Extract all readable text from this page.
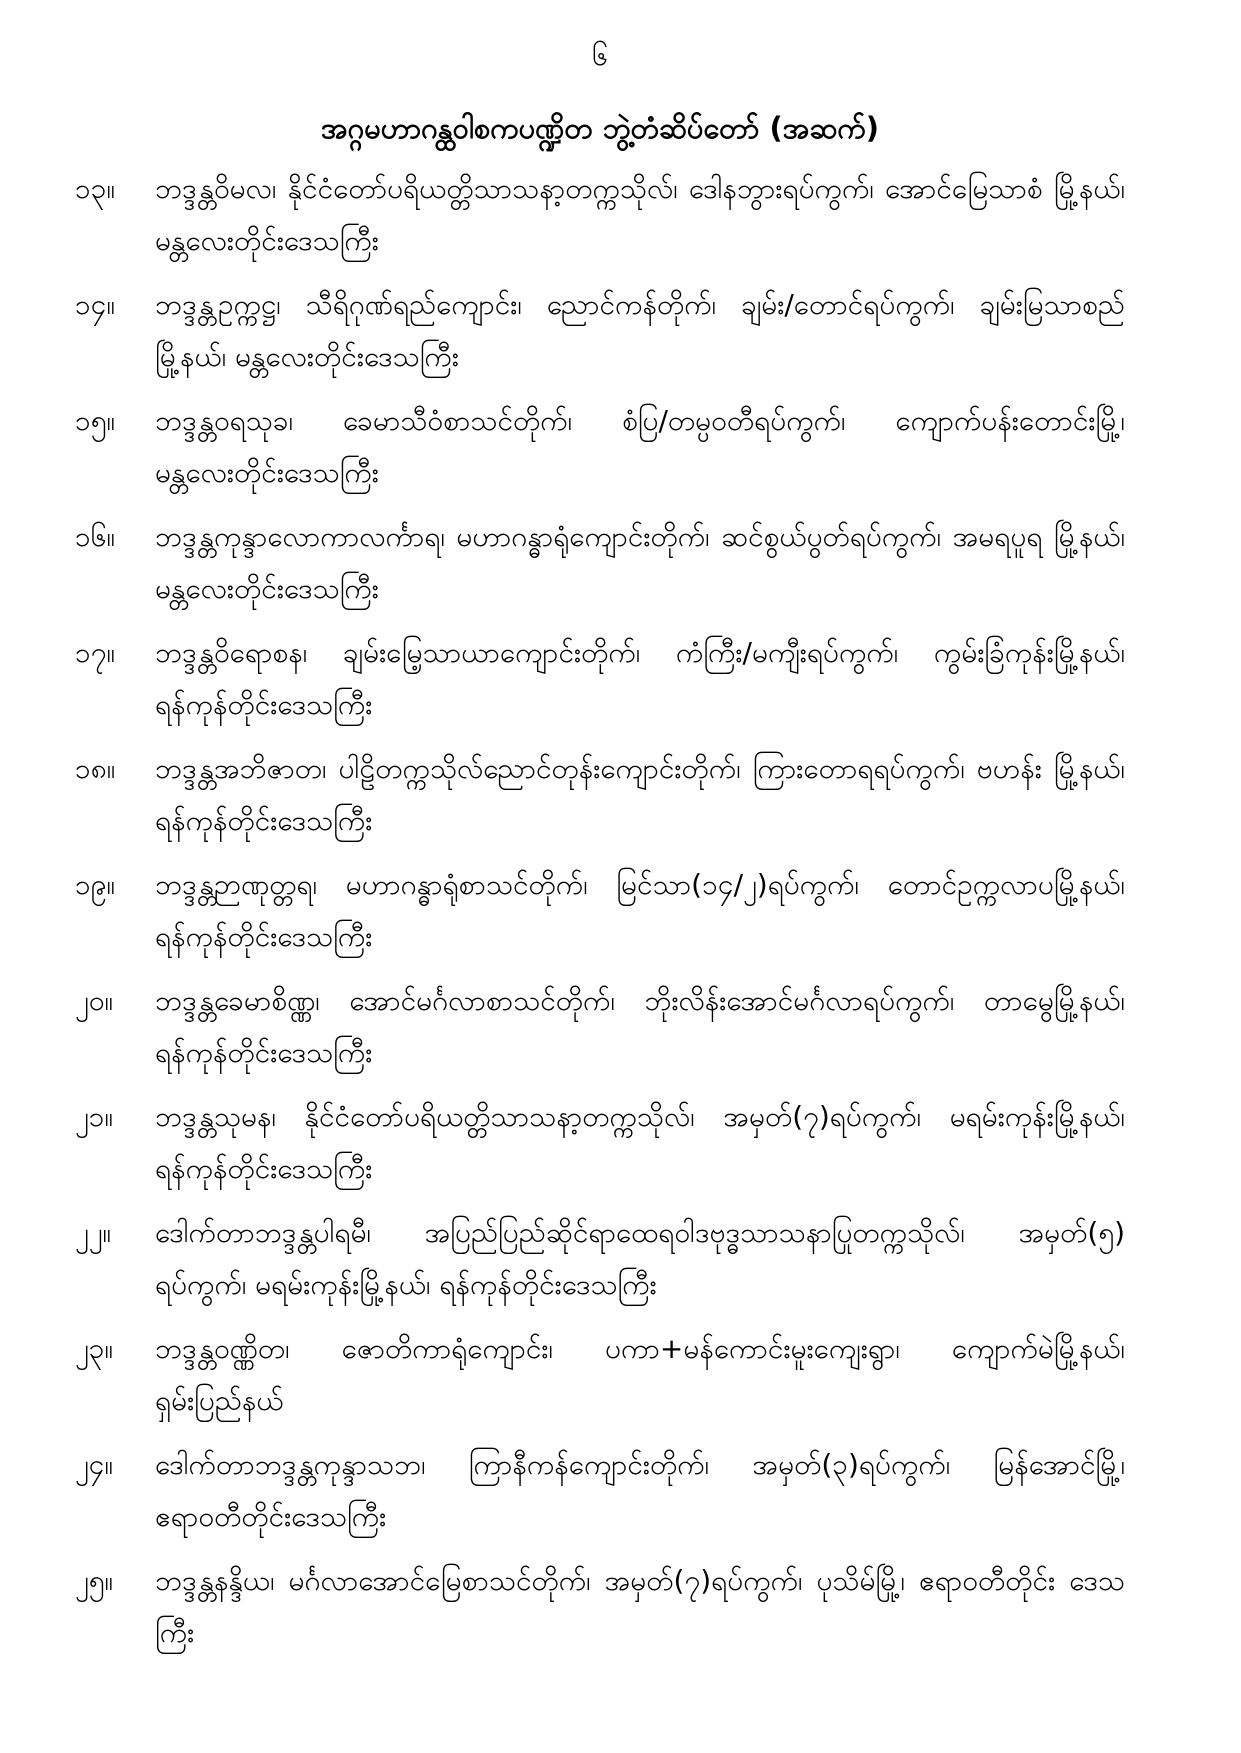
၆
အဂ္ဂမဟာဂန္ထဝါစကပဏ္ဍိတ ဘွဲ့တံဆိပ်တော် (အဆက်)
၁၃။	ဘဒ္ဒန္တဝိမလ၊ နိုင်ငံတော်ပရိယတ္တိသာသနာ့တက္ကသိုလ်၊ ဒေါနဘွားရပ်ကွက်၊ အောင်မြေသာစံ မြို့နယ်၊ မန္တလေးတိုင်းဒေသကြီး
၁၄။	ဘဒ္ဒန္တဥက္ကဋ္ဌ၊ သီရိဂုဏ်ရည်ကျောင်း၊ ညောင်ကန်တိုက်၊ ချမ်း/တောင်ရပ်ကွက်၊ ချမ်းမြသာစည် မြို့နယ်၊ မန္တလေးတိုင်းဒေသကြီး
၁၅။	ဘဒ္ဒန္တဝရသုခ၊ ခေမာသီဝံစာသင်တိုက်၊ စံပြ/တမ္ပဝတီရပ်ကွက်၊ ကျောက်ပန်းတောင်းမြို့၊ မန္တလေးတိုင်းဒေသကြီး
၁၆။	ဘဒ္ဒန္တကုန္ဒာလောကာလင်္ကာရ၊ မဟာဂန္ဓာရုံကျောင်းတိုက်၊ ဆင်စွယ်ပွတ်ရပ်ကွက်၊ အမရပူရ မြို့နယ်၊ မန္တလေးတိုင်းဒေသကြီး
၁၇။	ဘဒ္ဒန္တဝိရောစန၊ ချမ်းမြေ့သာယာကျောင်းတိုက်၊ ကံကြီး/မကျီးရပ်ကွက်၊ ကွမ်းခြံကုန်းမြို့နယ်၊ ရန်ကုန်တိုင်းဒေသကြီး
၁၈။	ဘဒ္ဒန္တအဘိဇာတ၊ ပါဠိတက္ကသိုလ်ညောင်တုန်းကျောင်းတိုက်၊ ကြားတောရရပ်ကွက်၊ ဗဟန်း မြို့နယ်၊ ရန်ကုန်တိုင်းဒေသကြီး
၁၉။	ဘဒ္ဒန္တဉာဏုတ္တရ၊ မဟာဂန္ဓာရုံစာသင်တိုက်၊ မြင်သာ(၁၄/၂)ရပ်ကွက်၊ တောင်ဥက္ကလာပမြို့နယ်၊ ရန်ကုန်တိုင်းဒေသကြီး
၂၀။	ဘဒ္ဒန္တခေမာစိဏ္ဏ၊ အောင်မင်္ဂလာစာသင်တိုက်၊ ဘိုးလိန်းအောင်မင်္ဂလာရပ်ကွက်၊ တာမွေမြို့နယ်၊ ရန်ကုန်တိုင်းဒေသကြီး
၂၁။	ဘဒ္ဒန္တသုမန၊ နိုင်ငံတော်ပရိယတ္တိသာသနာ့တက္ကသိုလ်၊ အမှတ်(၇)ရပ်ကွက်၊ မရမ်းကုန်းမြို့နယ်၊ ရန်ကုန်တိုင်းဒေသကြီး
၂၂။	ဒေါက်တာဘဒ္ဒန္တပါရမီ၊ အပြည်ပြည်ဆိုင်ရာထေရဝါဒဗုဒ္ဓသာသနာပြုတက္ကသိုလ်၊ အမှတ်(၅) ရပ်ကွက်၊ မရမ်းကုန်းမြို့နယ်၊ ရန်ကုန်တိုင်းဒေသကြီး
၂၃။	ဘဒ္ဒန္တဝဏ္ဏိတ၊ ဇောတိကာရုံကျောင်း၊ ပကာ+မန်ကောင်းမူးကျေးရွာ၊ ကျောက်မဲမြို့နယ်၊ ရှမ်းပြည်နယ်
၂၄။	ဒေါက်တာဘဒ္ဒန္တကုန္ဒာသဘ၊ ကြာနီကန်ကျောင်းတိုက်၊ အမှတ်(၃)ရပ်ကွက်၊ မြန်အောင်မြို့၊ ဧရာဝတီတိုင်းဒေသကြီး
၂၅။	ဘဒ္ဒန္တနန္ဒိယ၊ မင်္ဂလာအောင်မြေစာသင်တိုက်၊ အမှတ်(၇)ရပ်ကွက်၊ ပုသိမ်မြို့၊ ဧရာဝတီတိုင်း ဒေသကြီး
